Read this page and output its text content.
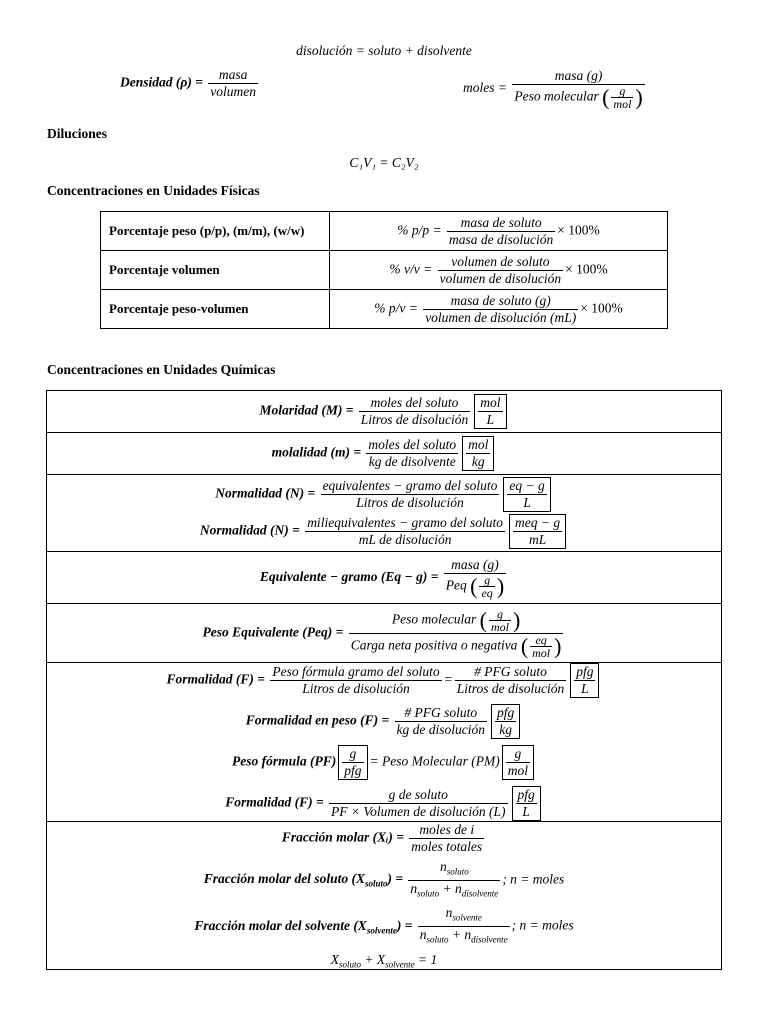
disolución = soluto + disolvente
Densidad $(\rho) = \frac{\text{masa}}{\text{volumen}}$	moles = $\frac{\text{masa (g)}}{Peso molecular ( \frac{g}{\text{mol}} )}$
Diluciones
C₁V₁ = C₂V₂
Concentraciones en Unidades Físicas
Porcentaje peso (p/p), (m/m), (w/w)	% $p/p = \frac{\text{masa de soluto}}{\text{masa de disolución}} \times 100\%$
Porcentaje volumen	% $v/v = \frac{\text{volumen de soluto}}{\text{volumen de disolución}} \times 100\%$
Porcentaje peso-volumen	% $p/v = \frac{\text{masa de soluto (g)}}{\text{volumen de disolución (mL)}} \times 100\%$
Concentraciones en Unidades Químicas
Molaridad $(M) = \frac{\text{moles del soluto}}{\text{Litros de disolución}} \frac{\text{mol}}{L}$

molalidad $(m) = \frac{\text{moles del soluto}}{\text{kg de disolvente}} \frac{\text{mol}}{kg}$

Normalidad $(N) = \frac{\text{equivalentes − gramo del soluto}}{\text{Litros de disolución}} \frac{eq - g}{L}$
Normalidad $(N) = \frac{\text{miliequivalentes − gramo del soluto}}{\text{mL de disolución}} \frac{\text{meq − g}}{mL}$

Equivalente − gramo $(Eq - g) = \frac{\text{masa (g)}}{Peq ( \frac{g}{eq} )}$

Peso Equivalente $(Peq) = \frac{Peso molecular ( \frac{g}{\text{mol}} )}{Carga neta positiva o negativa ( \frac{eq}{\text{mol}} )}$

Formalidad $(F) = \frac{\text{Peso fórmula gramo del soluto}}{\text{Litros de disolución}} = \frac{\text{\# PFG soluto}}{\text{Litros de disolución}} \frac{\text{pfg}}{L}$
Formalidad en peso $(F) = \frac{\text{\# PFG soluto}}{\text{kg de disolución}} \frac{\text{pfg}}{kg}$
Peso fórmula $(PF) \frac{g}{\text{pfg}}$ = Peso Molecular $(PM) \frac{g}{\text{mol}}$
Formalidad $(F) = \frac{\text{g de soluto}}{\text{PF × Volumen de disolución (L)}} \frac{\text{pfg}}{L}$

Fracción molar (Xᵢ) = $\frac{\text{moles de i}}{\text{moles totales}}$
Fracción molar del soluto $(X_{soluto}) = \frac{n_{soluto}}{n_{soluto} + n_{disolvente}}$ ; n = moles
Fracción molar del solvente $(X_{solvente}) = \frac{n_{solvente}}{n_{soluto} + n_{disolvente}}$ ; n = moles
$X_{soluto} + X_{solvente} = 1$
